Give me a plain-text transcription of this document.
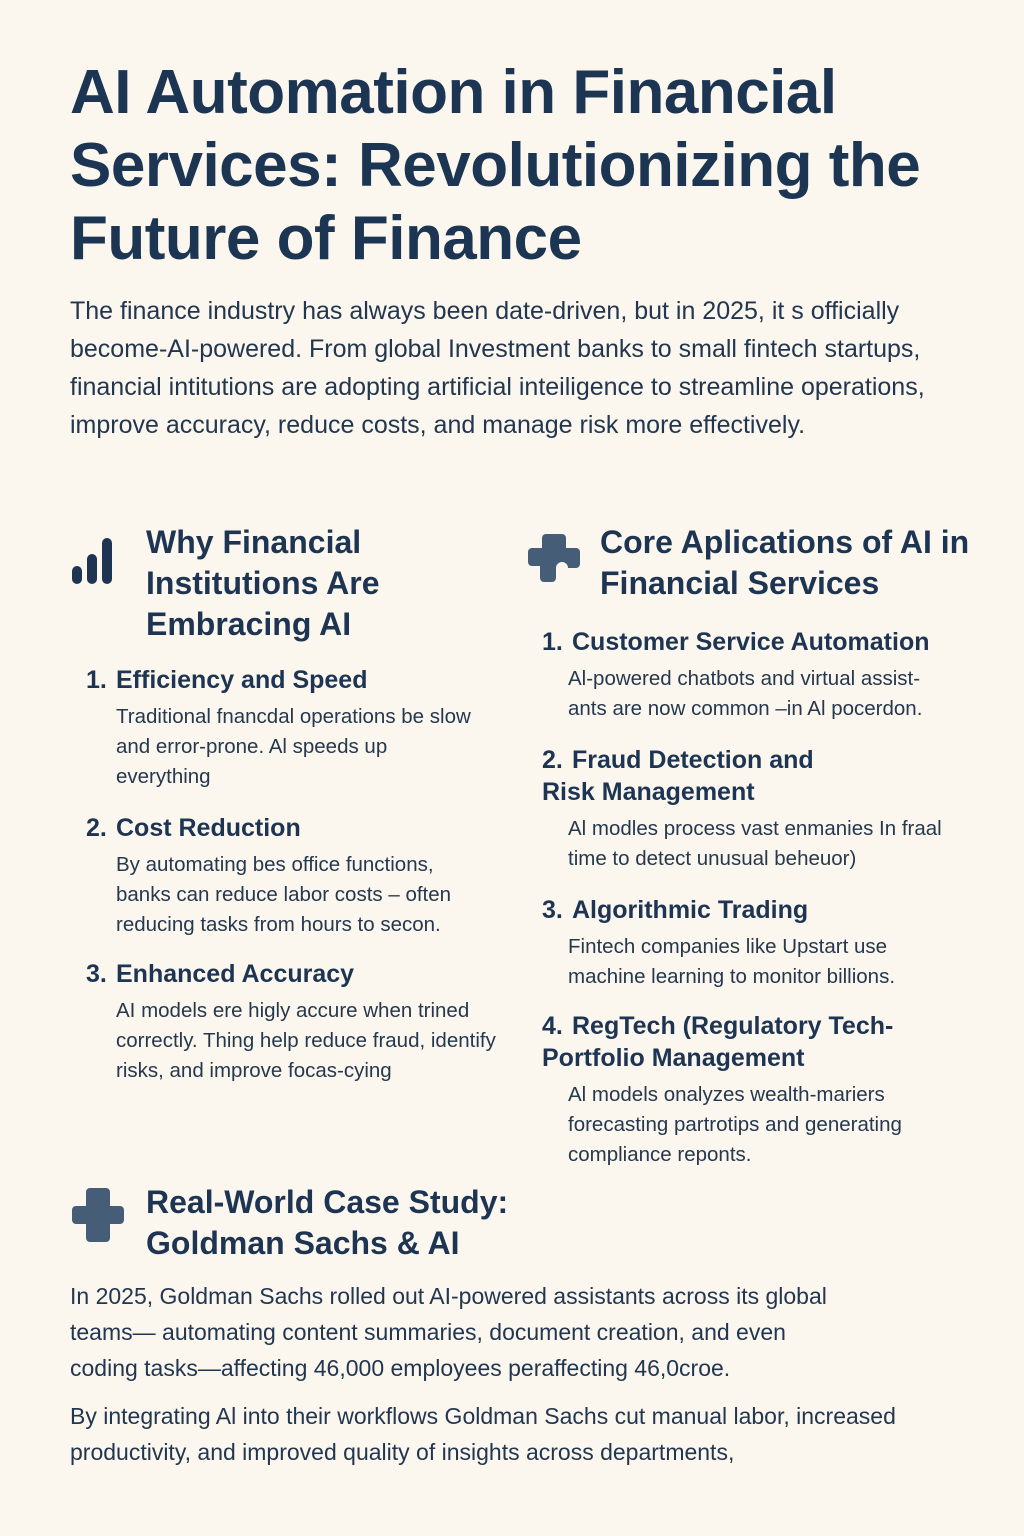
AI Automation in Financial Services: Revolutionizing the Future of Finance

The finance industry has always been date-driven, but in 2025, it s officially become-AI-powered. From global Investment banks to small fintech startups, financial intitutions are adopting artificial inteiligence to streamline operations, improve accuracy, reduce costs, and manage risk more effectively.

Why Financial Institutions Are Embracing AI
1. Efficiency and Speed

Traditional fnancdal operations be slow and error-prone. Al speeds up everything

2. Cost Reduction

By automating bes office functions, banks can reduce labor costs – often reducing tasks from hours to secon.

3. Enhanced Accuracy

AI models ere higly accure when trined correctly. Thing help reduce fraud, identify risks, and improve focas-cying

Core Aplications of AI in Financial Services
1. Customer Service Automation

Al-powered chatbots and virtual assist-ants are now common –in Al pocerdon.

2. Fraud Detection and Risk Management

Al modles process vast enmanies In fraal time to detect unusual beheuor)

3. Algorithmic Trading

Fintech companies like Upstart use machine learning to monitor billions.

4. RegTech (Regulatory Tech- Portfolio Management

Al models onalyzes wealth-mariers forecasting partrotips and generating compliance reponts.

Real-World Case Study: Goldman Sachs & AI

In 2025, Goldman Sachs rolled out AI-powered assistants across its global teams— automating content summaries, document creation, and even coding tasks—affecting 46,000 employees peraffecting 46,0croe.

By integrating Al into their workflows Goldman Sachs cut manual labor, increased productivity, and improved quality of insights across departments,
